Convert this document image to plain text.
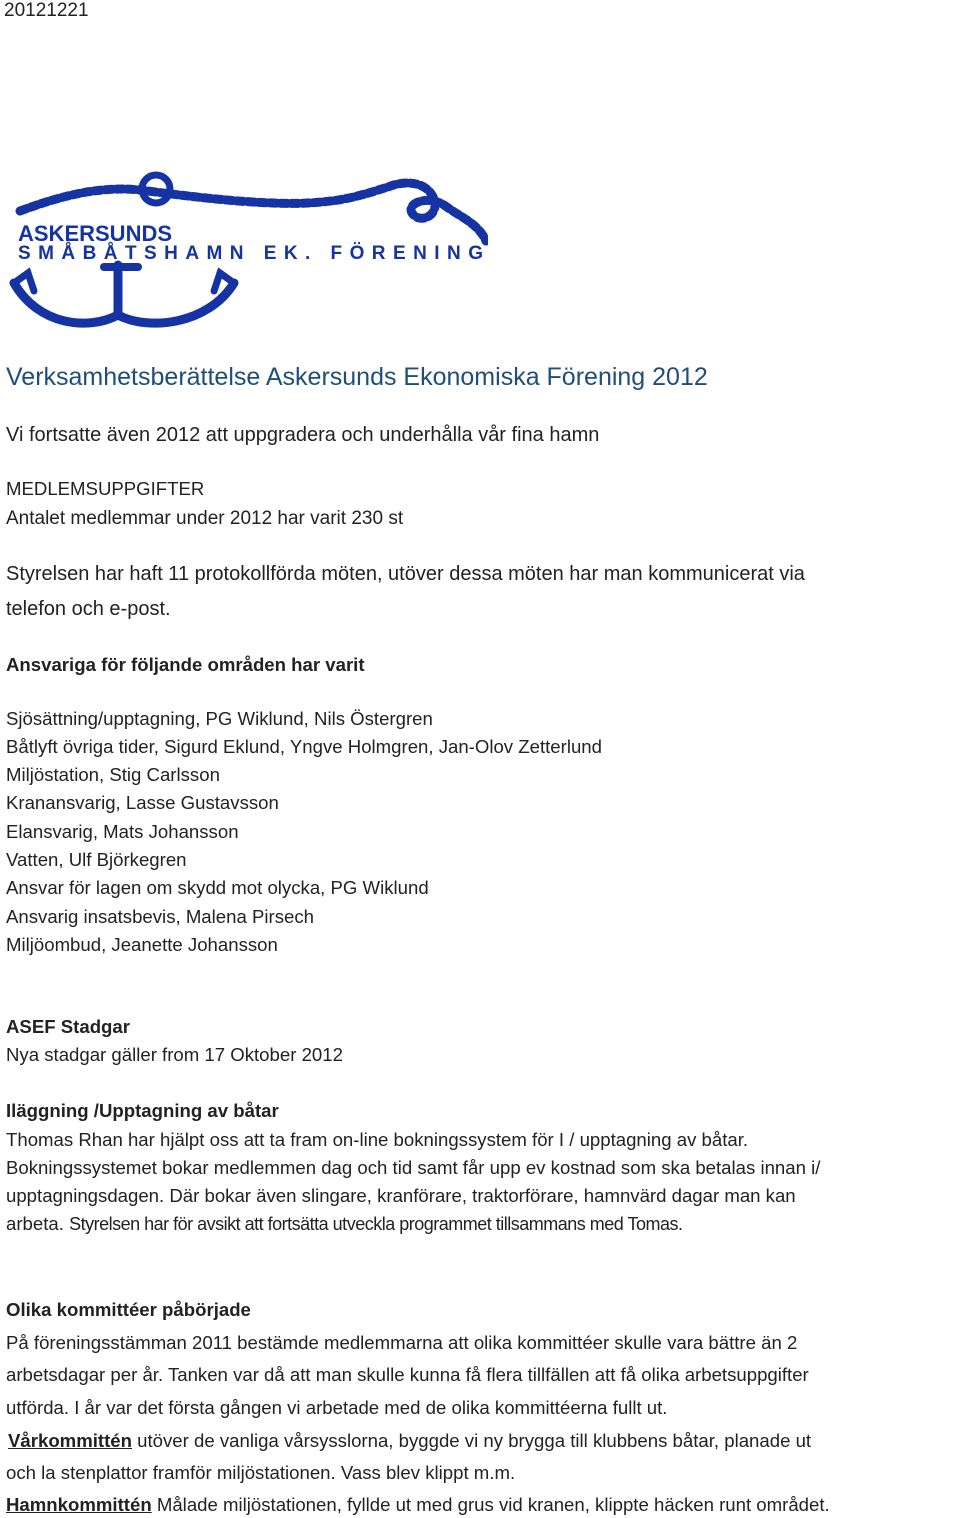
20121221
ASKERSUNDS
SMÅBÅTSHAMN EK. FÖRENING
Verksamhetsberättelse Askersunds Ekonomiska Förening 2012
Vi fortsatte även 2012 att uppgradera och underhålla vår fina hamn
MEDLEMSUPPGIFTER
Antalet medlemmar under 2012 har varit 230 st
Styrelsen har haft 11 protokollförda möten, utöver dessa möten har man kommunicerat via
telefon och e-post.
Ansvariga för följande områden har varit
Sjösättning/upptagning, PG Wiklund, Nils Östergren
Båtlyft övriga tider, Sigurd Eklund, Yngve Holmgren, Jan-Olov Zetterlund
Miljöstation, Stig Carlsson
Kranansvarig, Lasse Gustavsson
Elansvarig, Mats Johansson
Vatten, Ulf Björkegren
Ansvar för lagen om skydd mot olycka, PG Wiklund
Ansvarig insatsbevis, Malena Pirsech
Miljöombud, Jeanette Johansson
ASEF Stadgar
Nya stadgar gäller from 17 Oktober 2012
Iläggning /Upptagning av båtar
Thomas Rhan har hjälpt oss att ta fram on-line bokningssystem för I / upptagning av båtar.
Bokningssystemet bokar medlemmen dag och tid samt får upp ev kostnad som ska betalas innan i/
upptagningsdagen. Där bokar även slingare, kranförare, traktorförare, hamnvärd dagar man kan
arbeta. Styrelsen har för avsikt att fortsätta utveckla programmet tillsammans med Tomas.
Olika kommittéer påbörjade
På föreningsstämman 2011 bestämde medlemmarna att olika kommittéer skulle vara bättre än 2
arbetsdagar per år. Tanken var då att man skulle kunna få flera tillfällen att få olika arbetsuppgifter
utförda. I år var det första gången vi arbetade med de olika kommittéerna fullt ut.
Vårkommittén utöver de vanliga vårsysslorna, byggde vi ny brygga till klubbens båtar, planade ut
och la stenplattor framför miljöstationen. Vass blev klippt m.m.
Hamnkommittén Målade miljöstationen, fyllde ut med grus vid kranen, klippte häcken runt området.
